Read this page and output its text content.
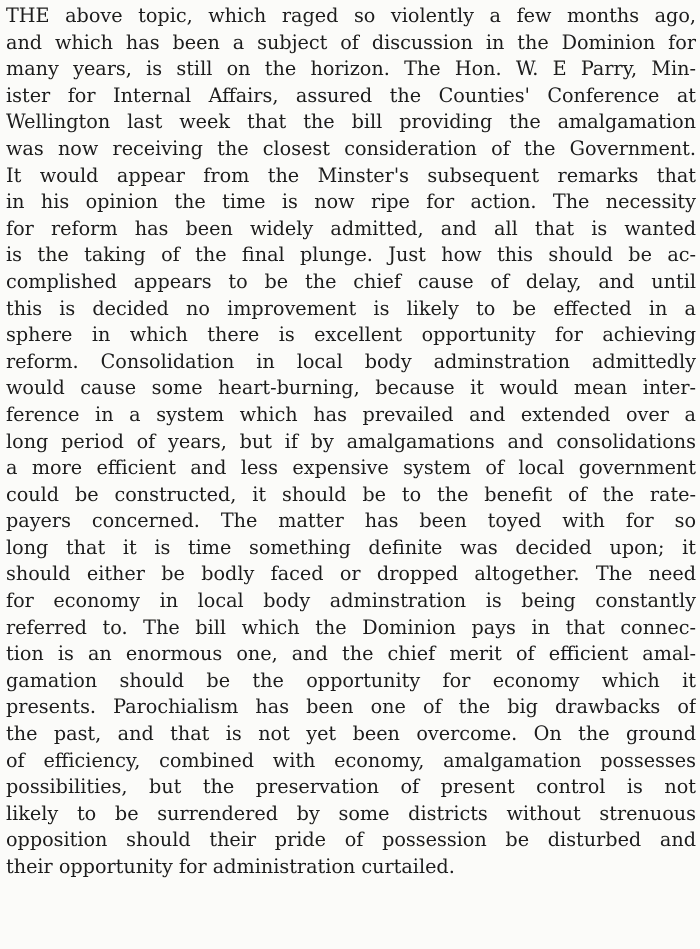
THE above topic, which raged so violently a few months ago,
and which has been a subject of discussion in the Dominion for
many years, is still on the horizon. The Hon. W. E Parry, Min-
ister for Internal Affairs, assured the Counties' Conference at
Wellington last week that the bill providing the amalgamation
was now receiving the closest consideration of the Government.
It would appear from the Minster's subsequent remarks that
in his opinion the time is now ripe for action. The necessity
for reform has been widely admitted, and all that is wanted
is the taking of the final plunge. Just how this should be ac-
complished appears to be the chief cause of delay, and until
this is decided no improvement is likely to be effected in a
sphere in which there is excellent opportunity for achieving
reform. Consolidation in local body adminstration admittedly
would cause some heart-burning, because it would mean inter-
ference in a system which has prevailed and extended over a
long period of years, but if by amalgamations and consolidations
a more efficient and less expensive system of local government
could be constructed, it should be to the benefit of the rate-
payers concerned. The matter has been toyed with for so
long that it is time something definite was decided upon; it
should either be bodly faced or dropped altogether. The need
for economy in local body adminstration is being constantly
referred to. The bill which the Dominion pays in that connec-
tion is an enormous one, and the chief merit of efficient amal-
gamation should be the opportunity for economy which it
presents. Parochialism has been one of the big drawbacks of
the past, and that is not yet been overcome. On the ground
of efficiency, combined with economy, amalgamation possesses
possibilities, but the preservation of present control is not
likely to be surrendered by some districts without strenuous
opposition should their pride of possession be disturbed and
their opportunity for administration curtailed.
